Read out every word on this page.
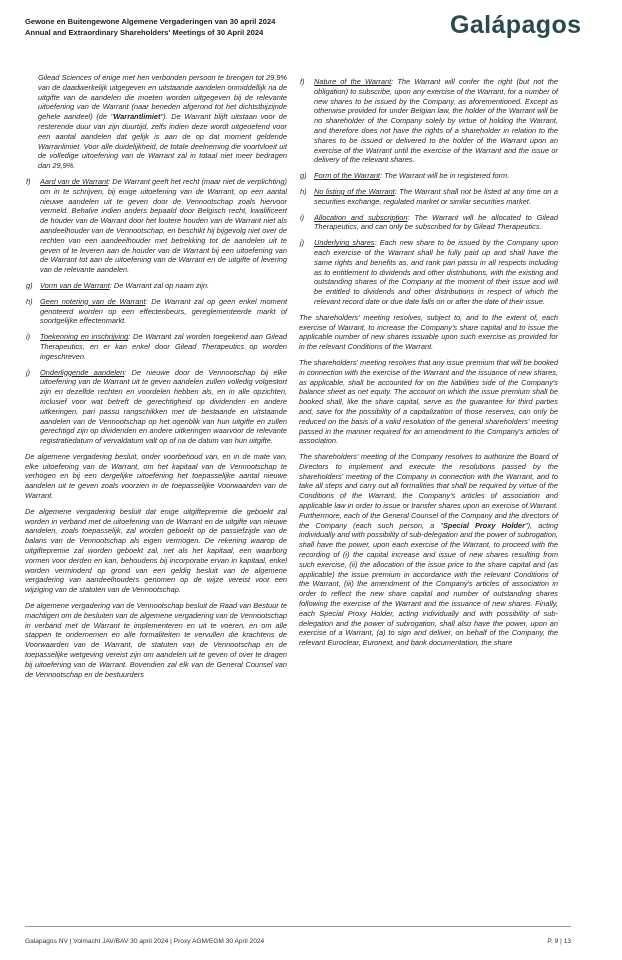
Gewone en Buitengewone Algemene Vergaderingen van 30 april 2024
Annual and Extraordinary Shareholders' Meetings of 30 April 2024	Galápagos

Gilead Sciences of enige met hen verbonden persoon te brengen tot 29,9% van de daadwerkelijk uitgegeven en uitstaande aandelen onmiddellijk na de uitgifte van de aandelen die moeten worden uitgegeven bij de relevante uitoefening van de Warrant (naar beneden afgerond tot het dichtstbijzijnde gehele aandeel) (de "Warrantlimiet"). De Warrant blijft uitstaan voor de resterende duur van zijn duurtijd, zelfs indien deze wordt uitgeoefend voor een aantal aandelen dat gelijk is aan de op dat moment geldende Warranlimiet. Voor alle duidelijkheid, de totale deelneming die voortvloeit uit de volledige uitoefening van de Warrant zal in totaal niet meer bedragen dan 29,9%.

f) Aard van de Warrant: De Warrant geeft het recht (maar niet de verplichting) om in te schrijven, bij enige uitoefening van de Warrant, op een aantal nieuwe aandelen uit te geven door de Vennootschap zoals hiervoor vermeld. Behalve indien anders bepaald door Belgisch recht, kwalificeert de houder van de Warrant door het loutere houden van de Warrant niet als aandeelhouder van de Vennootschap, en beschikt hij bijgevolg niet over de rechten van een aandeelhouder met betrekking tot de aandelen uit te geven of te leveren aan de houder van de Warrant bij een uitoefening van de Warrant tot aan de uitoefening van de Warrant en de uitgifte of levering van de relevante aandelen.
g) Vorm van de Warrant: De Warrant zal op naam zijn.
h) Geen notering van de Warrant: De Warrant zal op geen enkel moment genoteerd worden op een effectenbeurs, gereglementeerde markt of soortgelijke effectenmarkt.
i) Toekenning en inschrijving: De Warrant zal worden toegekend aan Gilead Therapeutics, en er kan enkel door Gilead Therapeutics op worden ingeschreven.
j) Onderliggende aandelen: De nieuwe door de Vennootschap bij elke uitoefening van de Warrant uit te geven aandelen zullen volledig volgestort zijn en dezelfde rechten en voordelen hebben als, en in alle opzichten, inclusief voor wat betreft de gerechtigheid op dividenden en andere uitkeringen, pari passu rangschikken met de bestaande en uitstaande aandelen van de Vennootschap op het ogenblik van hun uitgifte en zullen gerechtigd zijn op dividenden en andere uitkeringen waarvoor de relevante registratiedatum of vervaldatum valt op of na de datum van hun uitgifte.

De algemene vergadering besluit, onder voorbehoud van, en in de mate van, elke uitoefening van de Warrant, om het kapitaal van de Vennootschap te verhogen en bij een dergelijke uitoefening het toepasselijke aantal nieuwe aandelen uit te geven zoals voorzien in de toepasselijke Voorwaarden van de Warrant.

De algemene vergadering besluit dat enige uitgiftepremie die geboekt zal worden in verband met de uitoefening van de Warrant en de uitgifte van nieuwe aandelen, zoals toepasselijk, zal worden geboekt op de passiefzijde van de balans van de Vennootschap als eigen vermogen. De rekening waarop de uitgiftepremie zal worden geboekt zal, net als het kapitaal, een waarborg vormen voor derden en kan, behoudens bij incorporatie ervan in kapitaal, enkel worden verminderd op grond van een geldig besluit van de algemene vergadering van aandeelhouders genomen op de wijze vereist voor een wijziging van de statuten van de Vennootschap.

De algemene vergadering van de Vennootschap besluit de Raad van Bestuur te machtigen om de besluiten van de algemene vergadering van de Vennootschap in verband met de Warrant te implementeren en uit te voeren, en om alle stappen te ondernemen en alle formaliteiten te vervullen die krachtens de Voorwaarden van de Warrant, de statuten van de Vennootschap en de toepasselijke wetgeving vereist zijn om aandelen uit te geven of over te dragen bij uitoefening van de Warrant. Bovendien zal elk van de General Counsel van de Vennootschap en de bestuurders

f) Nature of the Warrant: The Warrant will confer the right (but not the obligation) to subscribe, upon any exercise of the Warrant, for a number of new shares to be issued by the Company, as aforementioned. Except as otherwise provided for under Belgian law, the holder of the Warrant will be no shareholder of the Company solely by virtue of holding the Warrant, and therefore does not have the rights of a shareholder in relation to the shares to be issued or delivered to the holder of the Warrant upon an exercise of the Warrant until the exercise of the Warrant and the issue or delivery of the relevant shares.
g) Form of the Warrant: The Warrant will be in registered form.
h) No listing of the Warrant: The Warrant shall not be listed at any time on a securities exchange, regulated market or similar securities market.
i) Allocation and subscription: The Warrant will be allocated to Gilead Therapeutics, and can only be subscribed for by Gilead Therapeutics.
j) Underlying shares: Each new share to be issued by the Company upon each exercise of the Warrant shall be fully paid up and shall have the same rights and benefits as, and rank pari passu in all respects including as to entitlement to dividends and other distributions, with the existing and outstanding shares of the Company at the moment of their issue and will be entitled to dividends and other distributions in respect of which the relevant record date or due date falls on or after the date of their issue.

The shareholders' meeting resolves, subject to, and to the extent of, each exercise of Warrant, to increase the Company's share capital and to issue the applicable number of new shares issuable upon such exercise as provided for in the relevant Conditions of the Warrant.

The shareholders' meeting resolves that any issue premium that will be booked in connection with the exercise of the Warrant and the issuance of new shares, as applicable, shall be accounted for on the liabilities side of the Company's balance sheet as net equity. The account on which the issue premium shall be booked shall, like the share capital, serve as the guarantee for third parties and, save for the possibility of a capitalization of those reserves, can only be reduced on the basis of a valid resolution of the general shareholders' meeting passed in the manner required for an amendment to the Company's articles of association.

The shareholders' meeting of the Company resolves to authorize the Board of Directors to implement and execute the resolutions passed by the shareholders' meeting of the Company in connection with the Warrant, and to take all steps and carry out all formalities that shall be required by virtue of the Conditions of the Warrant, the Company's articles of association and applicable law in order to issue or transfer shares upon an exercise of Warrant. Furthermore, each of the General Counsel of the Company and the directors of the Company (each such person, a "Special Proxy Holder"), acting individually and with possibility of sub-delegation and the power of subrogation, shall have the power, upon each exercise of the Warrant, to proceed with the recording of (i) the capital increase and issue of new shares resulting from such exercise, (ii) the allocation of the issue price to the share capital and (as applicable) the issue premium in accordance with the relevant Conditions of the Warrant, (iii) the amendment of the Company's articles of association in order to reflect the new share capital and number of outstanding shares following the exercise of the Warrant and the issuance of new shares. Finally, each Special Proxy Holder, acting individually and with possibility of sub-delegation and the power of subrogation, shall also have the power, upon an exercise of a Warrant, (a) to sign and deliver, on behalf of the Company, the relevant Euroclear, Euronext, and bank documentation, the share

Galapagos NV | Volmacht JAV/BAV 30 april 2024 | Proxy AGM/EGM 30 April 2024	P. 9 | 13
